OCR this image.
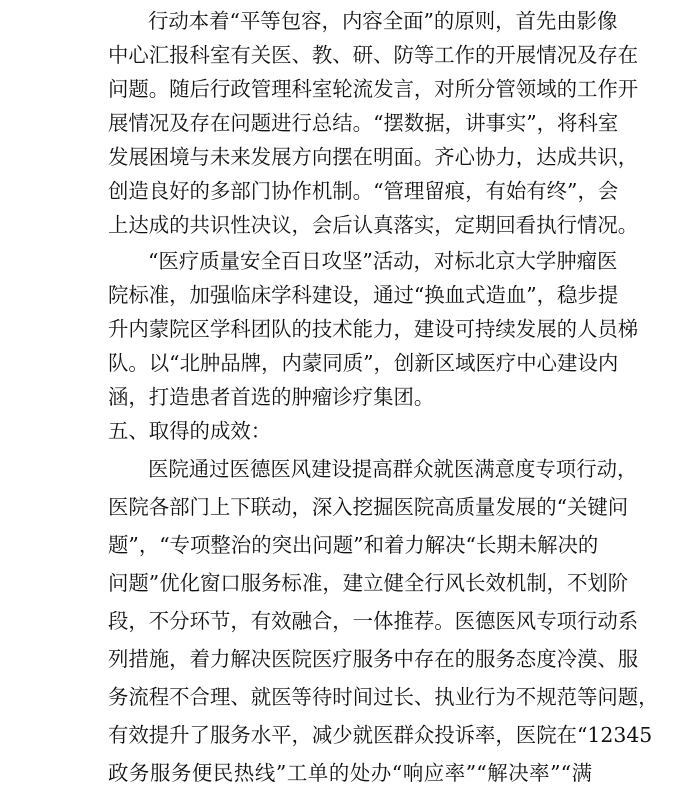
行动本着“平等包容，内容全面”的原则，首先由影像
中心汇报科室有关医、教、研、防等工作的开展情况及存在
问题。随后行政管理科室轮流发言，对所分管领域的工作开
展情况及存在问题进行总结。“摆数据，讲事实”，将科室
发展困境与未来发展方向摆在明面。齐心协力，达成共识，
创造良好的多部门协作机制。“管理留痕，有始有终”，会
上达成的共识性决议，会后认真落实，定期回看执行情况。
“医疗质量安全百日攻坚”活动，对标北京大学肿瘤医
院标准，加强临床学科建设，通过“换血式造血”，稳步提
升内蒙院区学科团队的技术能力，建设可持续发展的人员梯
队。以“北肿品牌，内蒙同质”，创新区域医疗中心建设内
涵，打造患者首选的肿瘤诊疗集团。
五、取得的成效：
医院通过医德医风建设提高群众就医满意度专项行动，
医院各部门上下联动，深入挖掘医院高质量发展的“关键问
题”，“专项整治的突出问题”和着力解决“长期未解决的
问题”优化窗口服务标准，建立健全行风长效机制，不划阶
段，不分环节，有效融合，一体推荐。医德医风专项行动系
列措施，着力解决医院医疗服务中存在的服务态度冷漠、服
务流程不合理、就医等待时间过长、执业行为不规范等问题，
有效提升了服务水平，减少就医群众投诉率，医院在“12345
政务服务便民热线”工单的处办“响应率”“解决率”“满
